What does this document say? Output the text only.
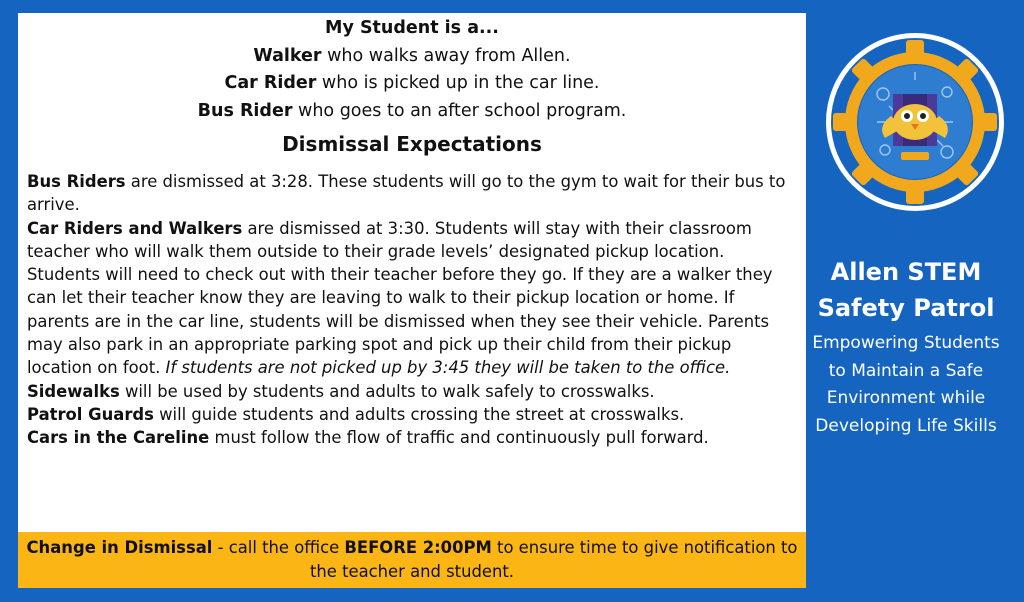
My Student is a...
Walker who walks away from Allen.
Car Rider who is picked up in the car line.
Bus Rider who goes to an after school program.
Dismissal Expectations

Bus Riders are dismissed at 3:28. These students will go to the gym to wait for their bus to arrive.

Car Riders and Walkers are dismissed at 3:30. Students will stay with their classroom teacher who will walk them outside to their grade levels’ designated pickup location. Students will need to check out with their teacher before they go. If they are a walker they can let their teacher know they are leaving to walk to their pickup location or home. If parents are in the car line, students will be dismissed when they see their vehicle. Parents may also park in an appropriate parking spot and pick up their child from their pickup location on foot. If students are not picked up by 3:45 they will be taken to the office.

Sidewalks will be used by students and adults to walk safely to crosswalks.

Patrol Guards will guide students and adults crossing the street at crosswalks.

Cars in the Careline must follow the flow of traffic and continuously pull forward.

Change in Dismissal - call the office BEFORE 2:00PM to ensure time to give notification to the teacher and student.
Allen STEM
Safety Patrol
Empowering Students to Maintain a Safe Environment while Developing Life Skills
